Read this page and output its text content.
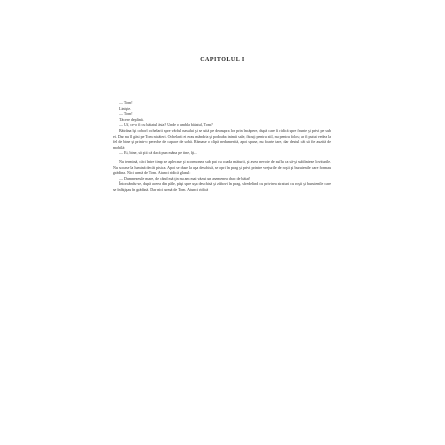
CAPITOLUL I

— Tom!

Linişte.

— Tom!

Tăcere deplină.

— Uf, ce-o fi cu băiatul ăsta? Unde o umbla băiatul, Tom?

Bătrâna îşi coborî ochelarii spre vârful nasului şi se uită pe deasupra lor prin încăpere, după care îi ridică spre frunte şi privi pe sub ei. Dar nu îl găsi pe Tom nicăieri. Ochelarii ei erau mândria şi podoaba inimii sale, făcuţi pentru stil, nu pentru folos; ar fi putut vedea la fel de bine şi printr-o pereche de capace de sobă. Rămase o clipă nedumerită, apoi spuse, nu foarte tare, dar destul cât să fie auzită de mobilă:

— Ei, bine, să ştii că dacă pun mâna pe tine, îţi...

Nu termină, căci între timp se aplecase şi scormonea sub pat cu coada măturii, şi avea nevoie de suflu ca să-şi sublinieze loviturile. Nu scoase la lumină decât pisica. Apoi se duse la uşa deschisă, se opri în prag şi privi printre vrejurile de roşii şi buruienile care formau grădina. Nici urmă de Tom. Atunci ridică glasul:

— Dumnezeule mare, de când mă ţin nu am mai văzut un asemenea drac de băiat!

Întorcându-se, după aceea din pâle, păşi spre uşa deschisă şi zăbovi în prag, sfredelind cu privirea straturi cu roşii şi buruienile care se înfăţişau în grădină. Dar nici urmă de Tom. Atunci ridică
